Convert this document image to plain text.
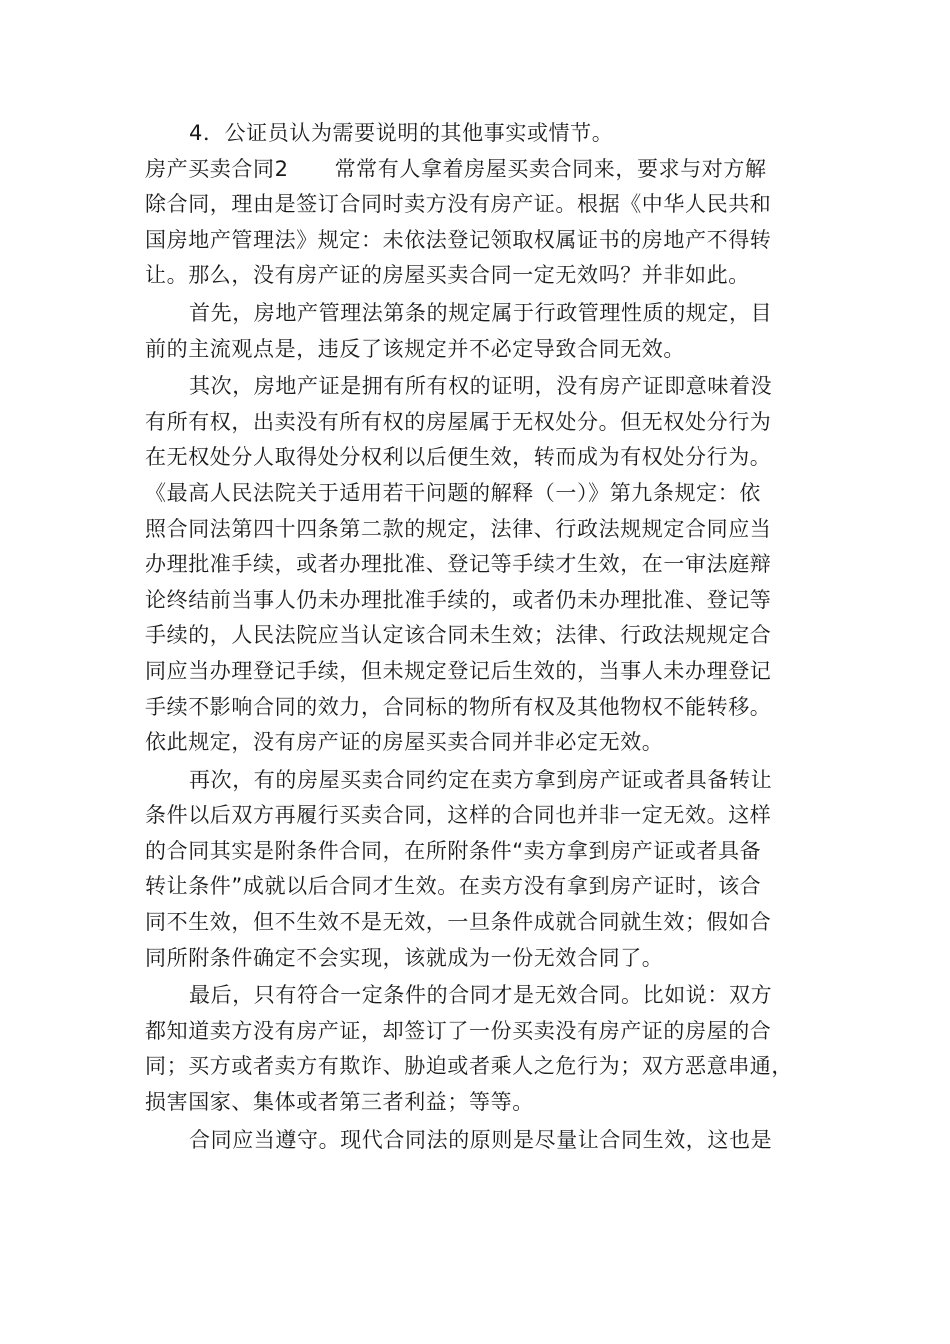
4．公证员认为需要说明的其他事实或情节。
房产买卖合同2 常常有人拿着房屋买卖合同来，要求与对方解
除合同，理由是签订合同时卖方没有房产证。根据《中华人民共和
国房地产管理法》规定：未依法登记领取权属证书的房地产不得转
让。那么，没有房产证的房屋买卖合同一定无效吗？并非如此。
首先，房地产管理法第条的规定属于行政管理性质的规定，目
前的主流观点是，违反了该规定并不必定导致合同无效。
其次，房地产证是拥有所有权的证明，没有房产证即意味着没
有所有权，出卖没有所有权的房屋属于无权处分。但无权处分行为
在无权处分人取得处分权利以后便生效，转而成为有权处分行为。
《最高人民法院关于适用若干问题的解释（一）》第九条规定：依
照合同法第四十四条第二款的规定，法律、行政法规规定合同应当
办理批准手续，或者办理批准、登记等手续才生效，在一审法庭辩
论终结前当事人仍未办理批准手续的，或者仍未办理批准、登记等
手续的，人民法院应当认定该合同未生效；法律、行政法规规定合
同应当办理登记手续，但未规定登记后生效的，当事人未办理登记
手续不影响合同的效力，合同标的物所有权及其他物权不能转移。
依此规定，没有房产证的房屋买卖合同并非必定无效。
再次，有的房屋买卖合同约定在卖方拿到房产证或者具备转让
条件以后双方再履行买卖合同，这样的合同也并非一定无效。这样
的合同其实是附条件合同，在所附条件“卖方拿到房产证或者具备
转让条件”成就以后合同才生效。在卖方没有拿到房产证时，该合
同不生效，但不生效不是无效，一旦条件成就合同就生效；假如合
同所附条件确定不会实现，该就成为一份无效合同了。
最后，只有符合一定条件的合同才是无效合同。比如说：双方
都知道卖方没有房产证，却签订了一份买卖没有房产证的房屋的合
同；买方或者卖方有欺诈、胁迫或者乘人之危行为；双方恶意串通，
损害国家、集体或者第三者利益；等等。
合同应当遵守。现代合同法的原则是尽量让合同生效，这也是
